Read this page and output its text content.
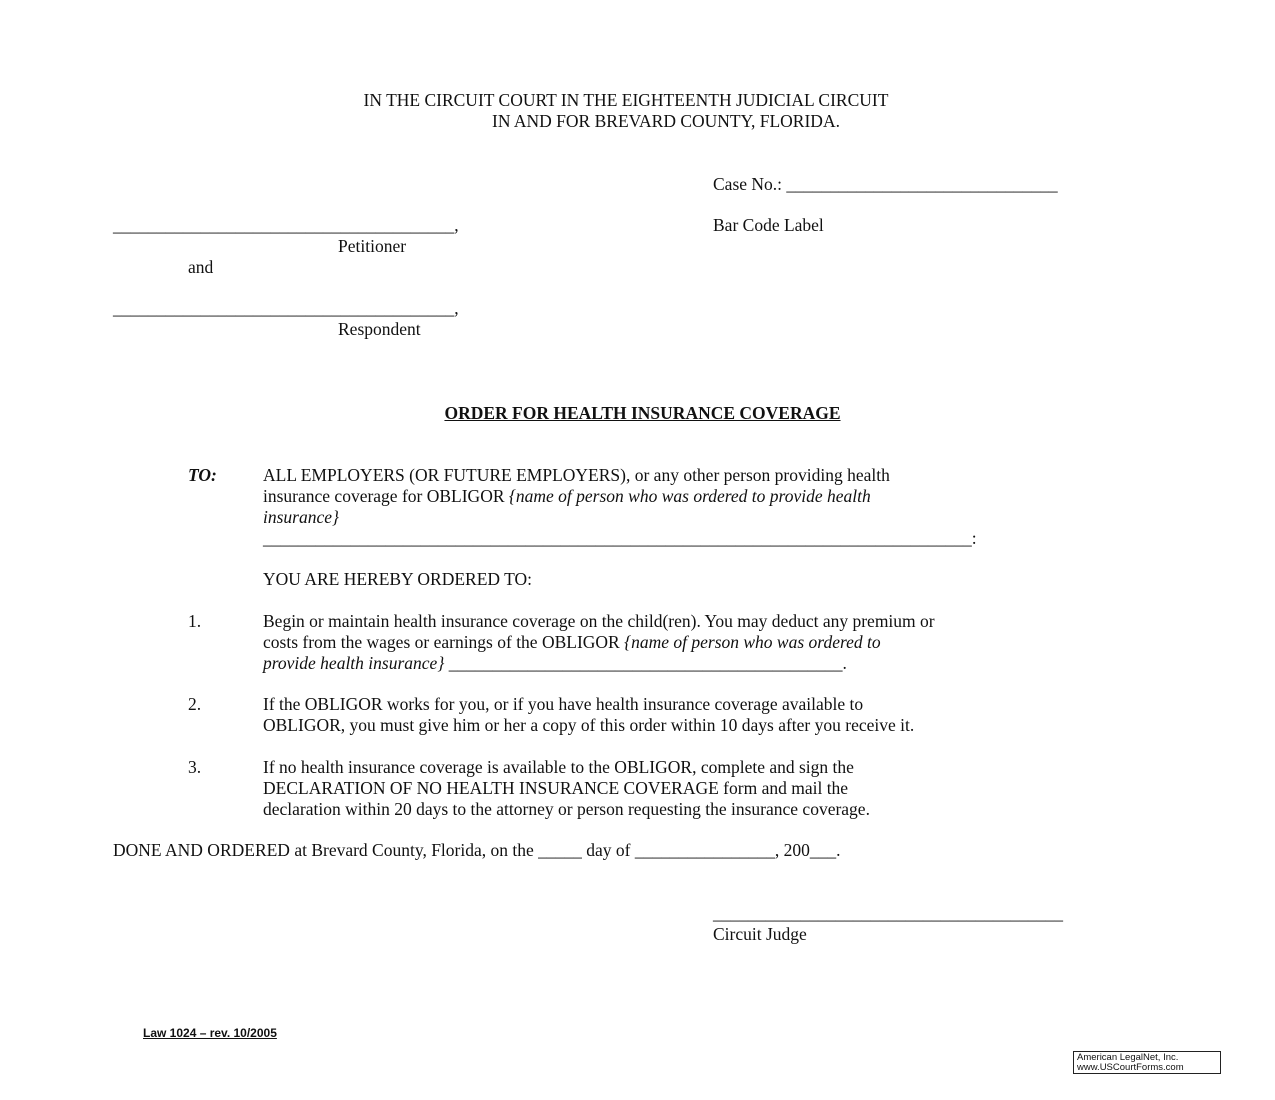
IN THE CIRCUIT COURT IN THE EIGHTEENTH JUDICIAL CIRCUIT
IN AND FOR BREVARD COUNTY, FLORIDA.
Case No.: _______________________________
Bar Code Label
_______________________________________,
Petitioner
and
_______________________________________,
Respondent
ORDER FOR HEALTH INSURANCE COVERAGE
TO:	ALL EMPLOYERS (OR FUTURE EMPLOYERS), or any other person providing health
insurance coverage for OBLIGOR {name of person who was ordered to provide health
insurance}
_________________________________________________________________________________:
YOU ARE HEREBY ORDERED TO:
1.	Begin or maintain health insurance coverage on the child(ren). You may deduct any premium or
costs from the wages or earnings of the OBLIGOR {name of person who was ordered to
provide health insurance} _____________________________________________.
2.	If the OBLIGOR works for you, or if you have health insurance coverage available to
OBLIGOR, you must give him or her a copy of this order within 10 days after you receive it.
3.	If no health insurance coverage is available to the OBLIGOR, complete and sign the
DECLARATION OF NO HEALTH INSURANCE COVERAGE form and mail the
declaration within 20 days to the attorney or person requesting the insurance coverage.
DONE AND ORDERED at Brevard County, Florida, on the _____ day of ________________, 200___.
________________________________________
Circuit Judge
Law 1024 – rev. 10/2005
American LegalNet, Inc.
www.USCourtForms.com
